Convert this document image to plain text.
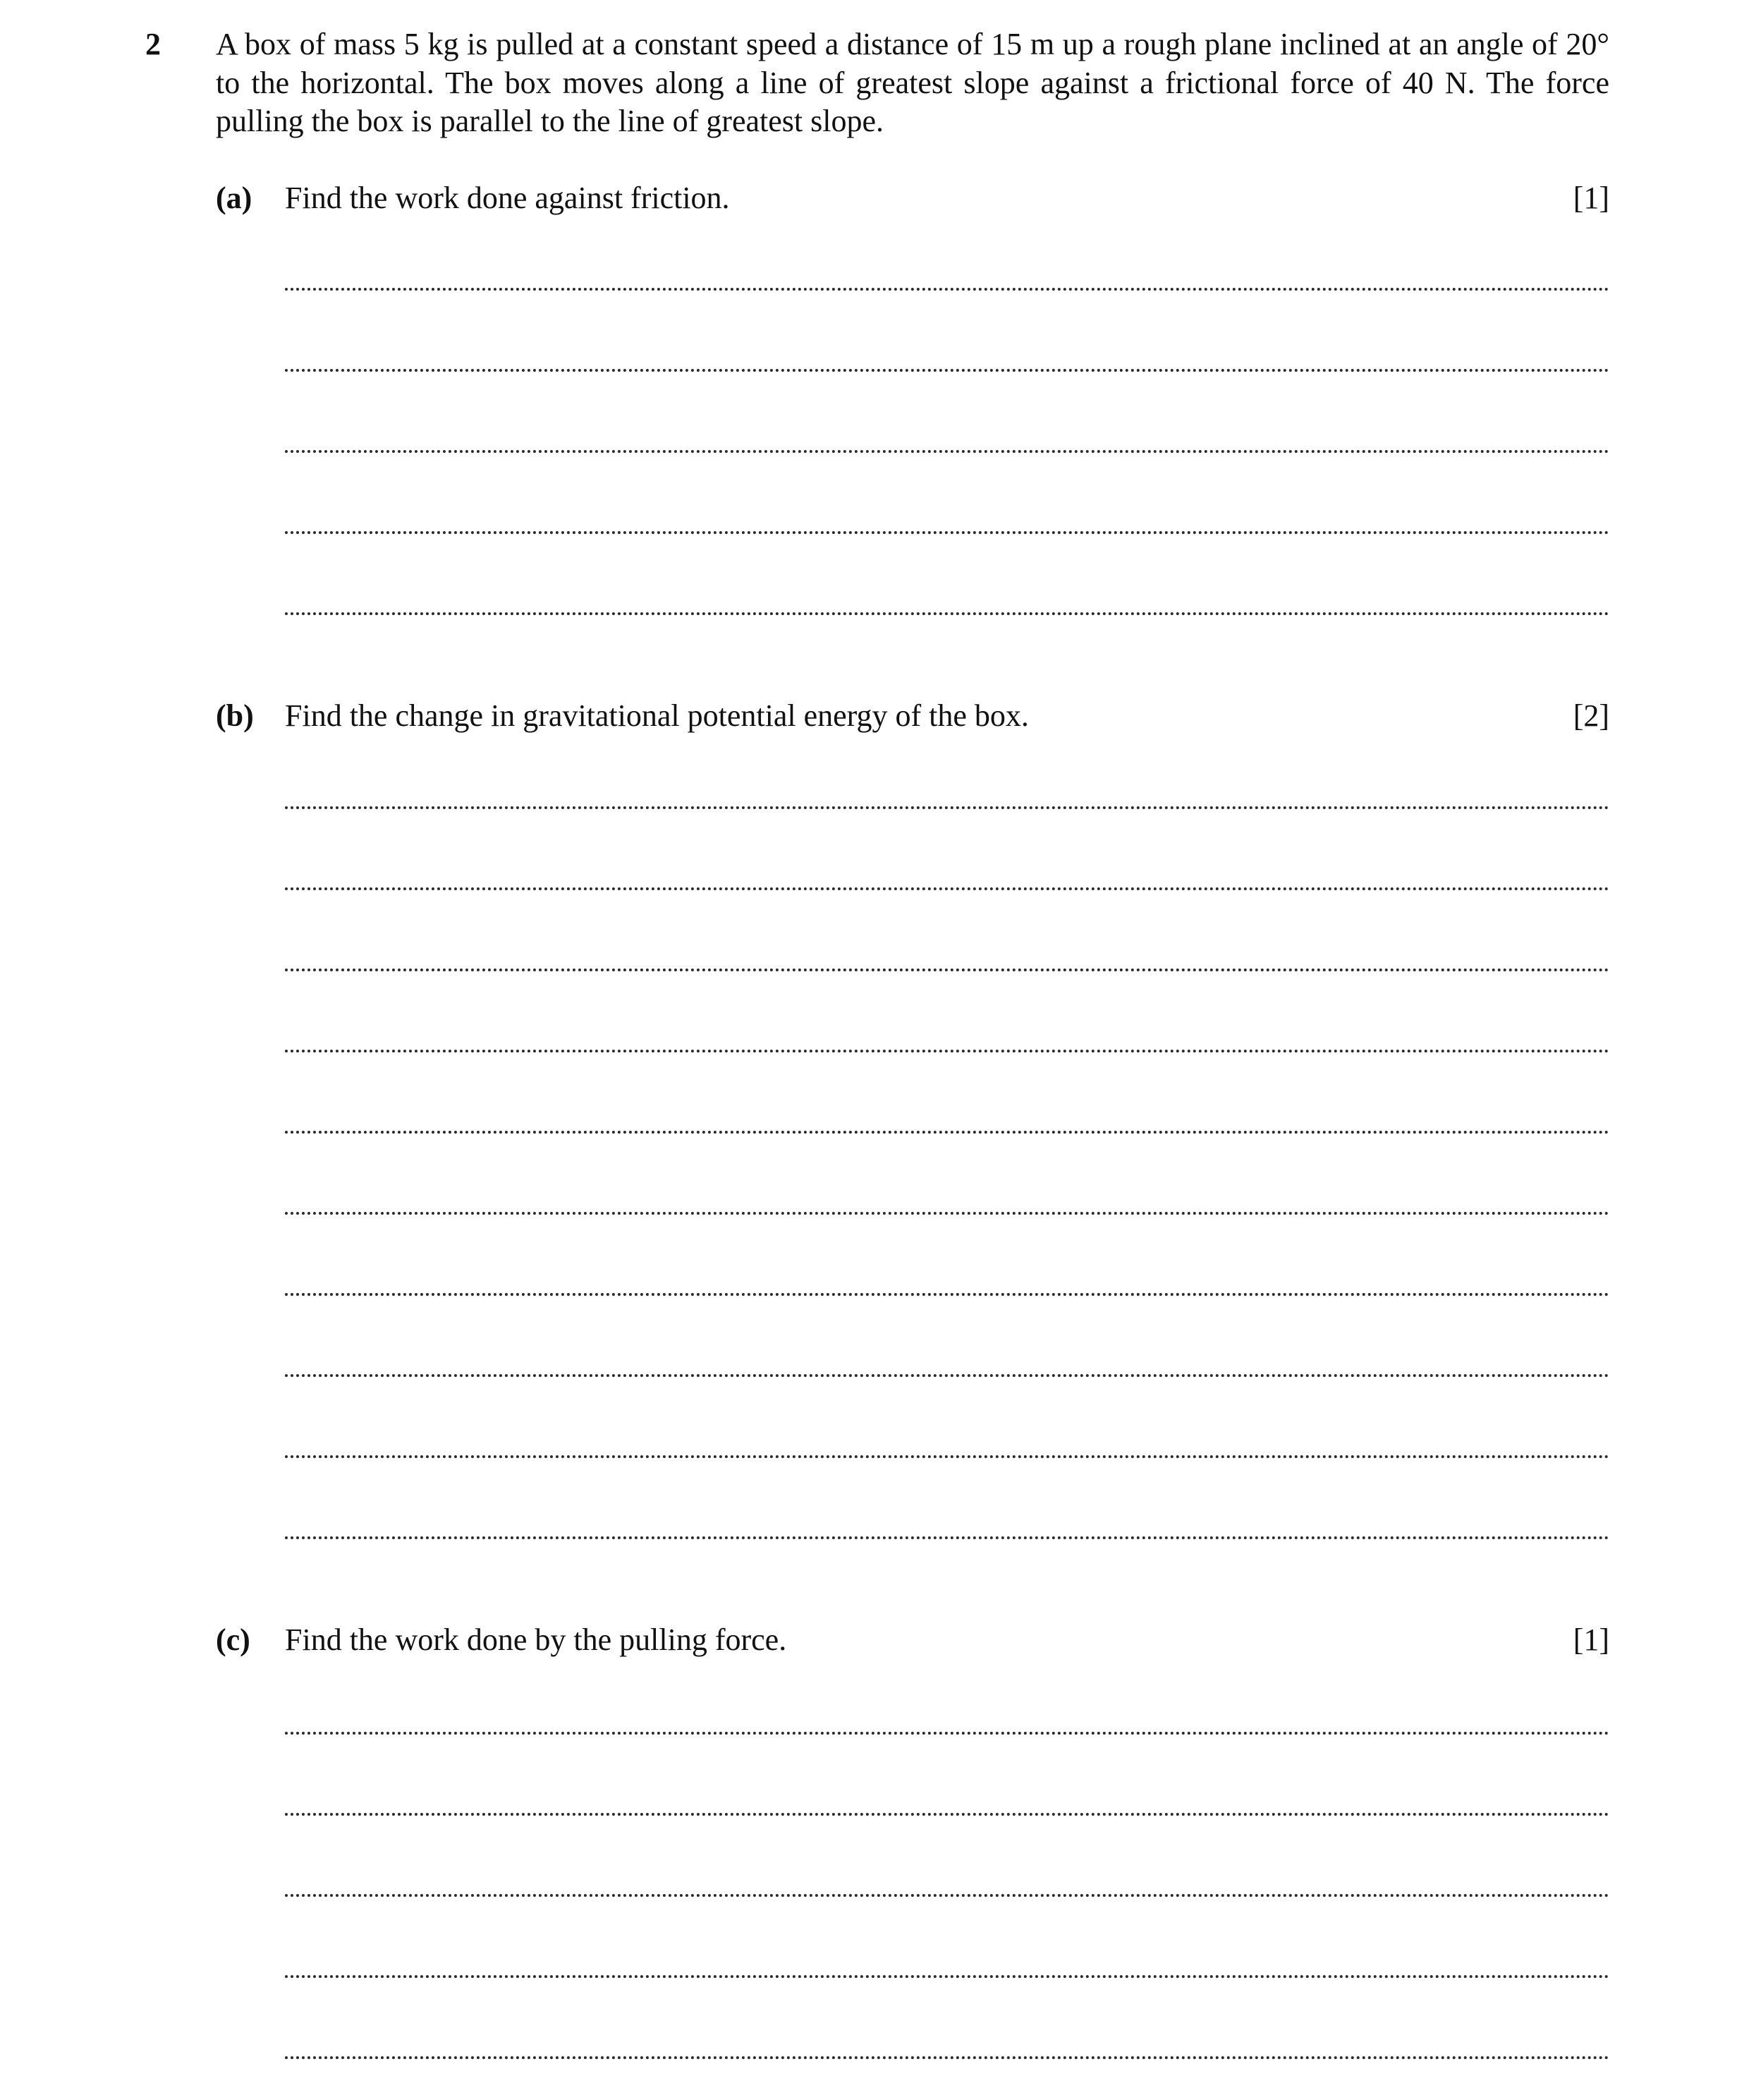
2 A box of mass 5 kg is pulled at a constant speed a distance of 15 m up a rough plane inclined at an angle of 20° to the horizontal. The box moves along a line of greatest slope against a frictional force of 40 N. The force pulling the box is parallel to the line of greatest slope.
(a) Find the work done against friction.	[1]
(b) Find the change in gravitational potential energy of the box.	[2]
(c) Find the work done by the pulling force.	[1]
